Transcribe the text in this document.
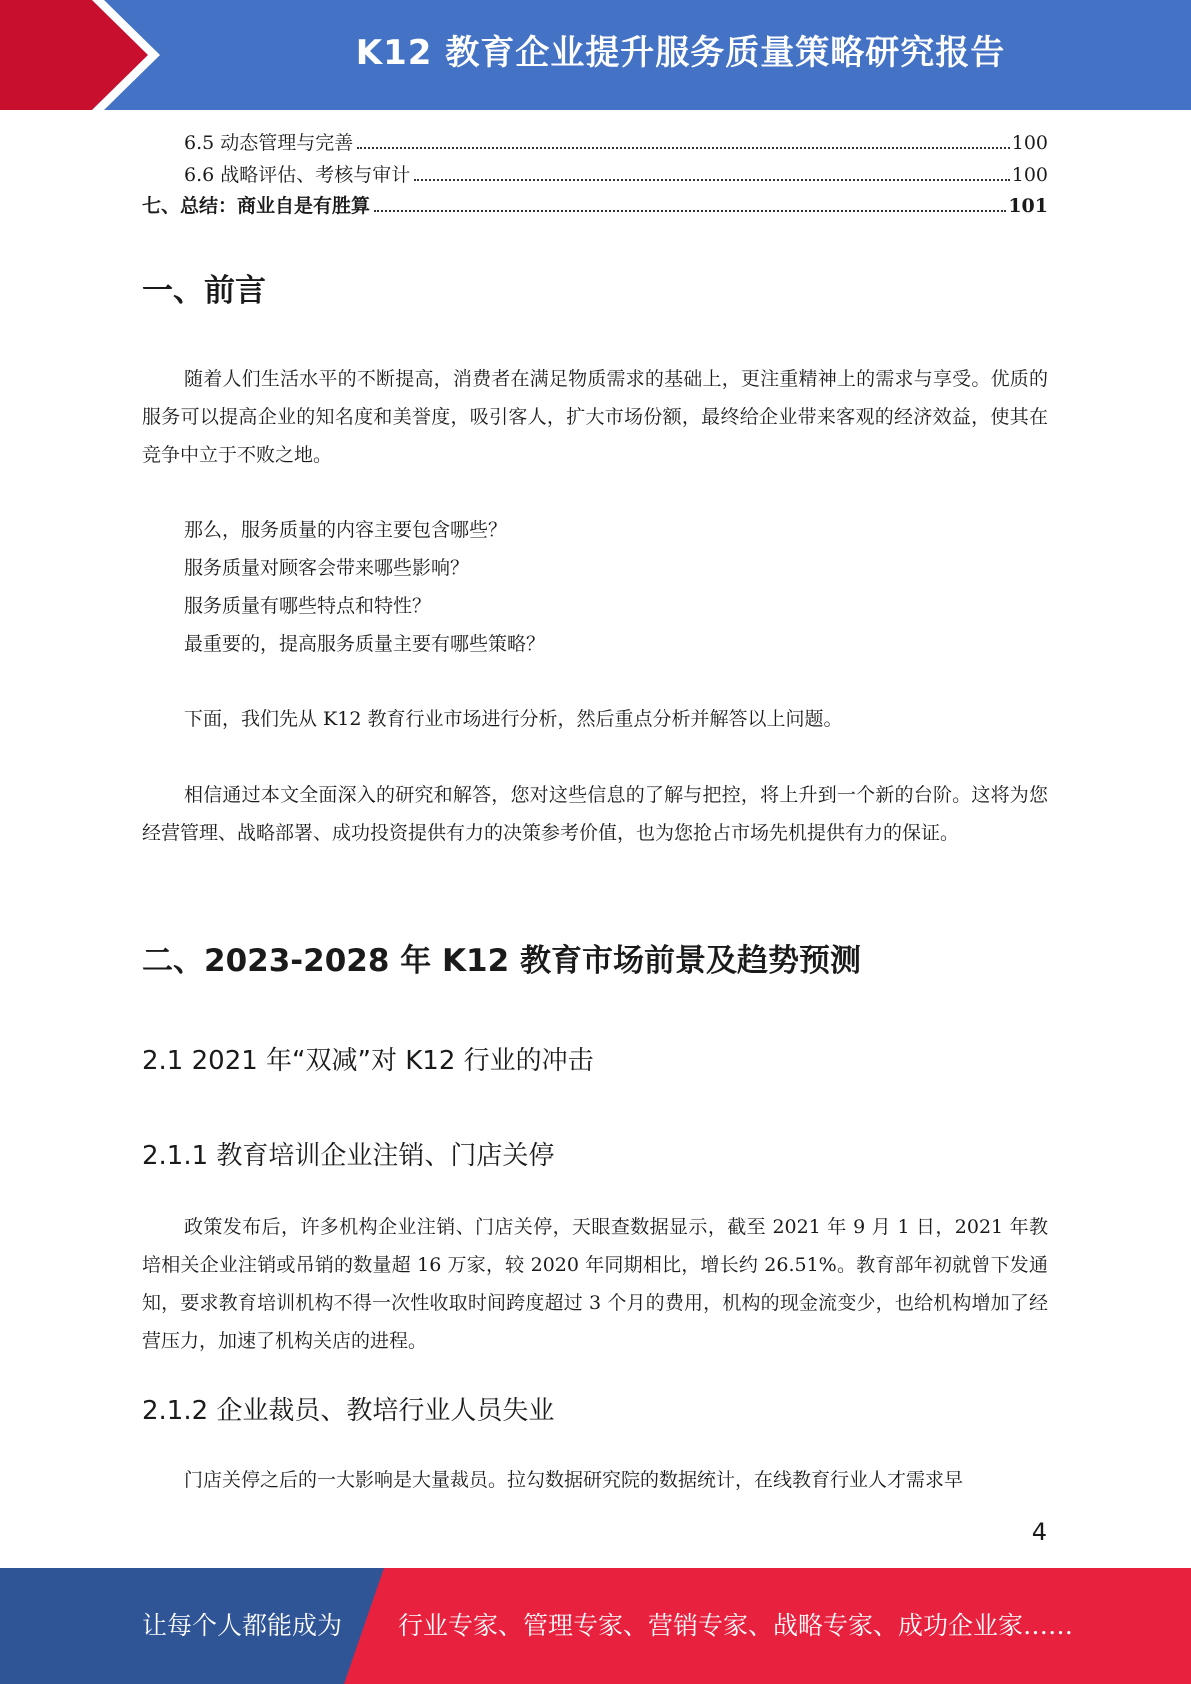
K12 教育企业提升服务质量策略研究报告
6.5 动态管理与完善	100
6.6 战略评估、考核与审计	100
七、总结：商业自是有胜算	101
一、前言
随着人们生活水平的不断提高，消费者在满足物质需求的基础上，更注重精神上的需求与享受。优质的服务可以提高企业的知名度和美誉度，吸引客人，扩大市场份额，最终给企业带来客观的经济效益，使其在竞争中立于不败之地。
那么，服务质量的内容主要包含哪些？
服务质量对顾客会带来哪些影响？
服务质量有哪些特点和特性？
最重要的，提高服务质量主要有哪些策略？
下面，我们先从 K12 教育行业市场进行分析，然后重点分析并解答以上问题。
相信通过本文全面深入的研究和解答，您对这些信息的了解与把控，将上升到一个新的台阶。这将为您经营管理、战略部署、成功投资提供有力的决策参考价值，也为您抢占市场先机提供有力的保证。
二、2023-2028 年 K12 教育市场前景及趋势预测
2.1 2021 年“双减”对 K12 行业的冲击
2.1.1 教育培训企业注销、门店关停
政策发布后，许多机构企业注销、门店关停，天眼查数据显示，截至 2021 年 9 月 1 日，2021 年教培相关企业注销或吊销的数量超 16 万家，较 2020 年同期相比，增长约 26.51%。教育部年初就曾下发通知，要求教育培训机构不得一次性收取时间跨度超过 3 个月的费用，机构的现金流变少，也给机构增加了经营压力，加速了机构关店的进程。
2.1.2 企业裁员、教培行业人员失业
门店关停之后的一大影响是大量裁员。拉勾数据研究院的数据统计，在线教育行业人才需求早
4
让每个人都能成为 行业专家、管理专家、营销专家、战略专家、成功企业家……
